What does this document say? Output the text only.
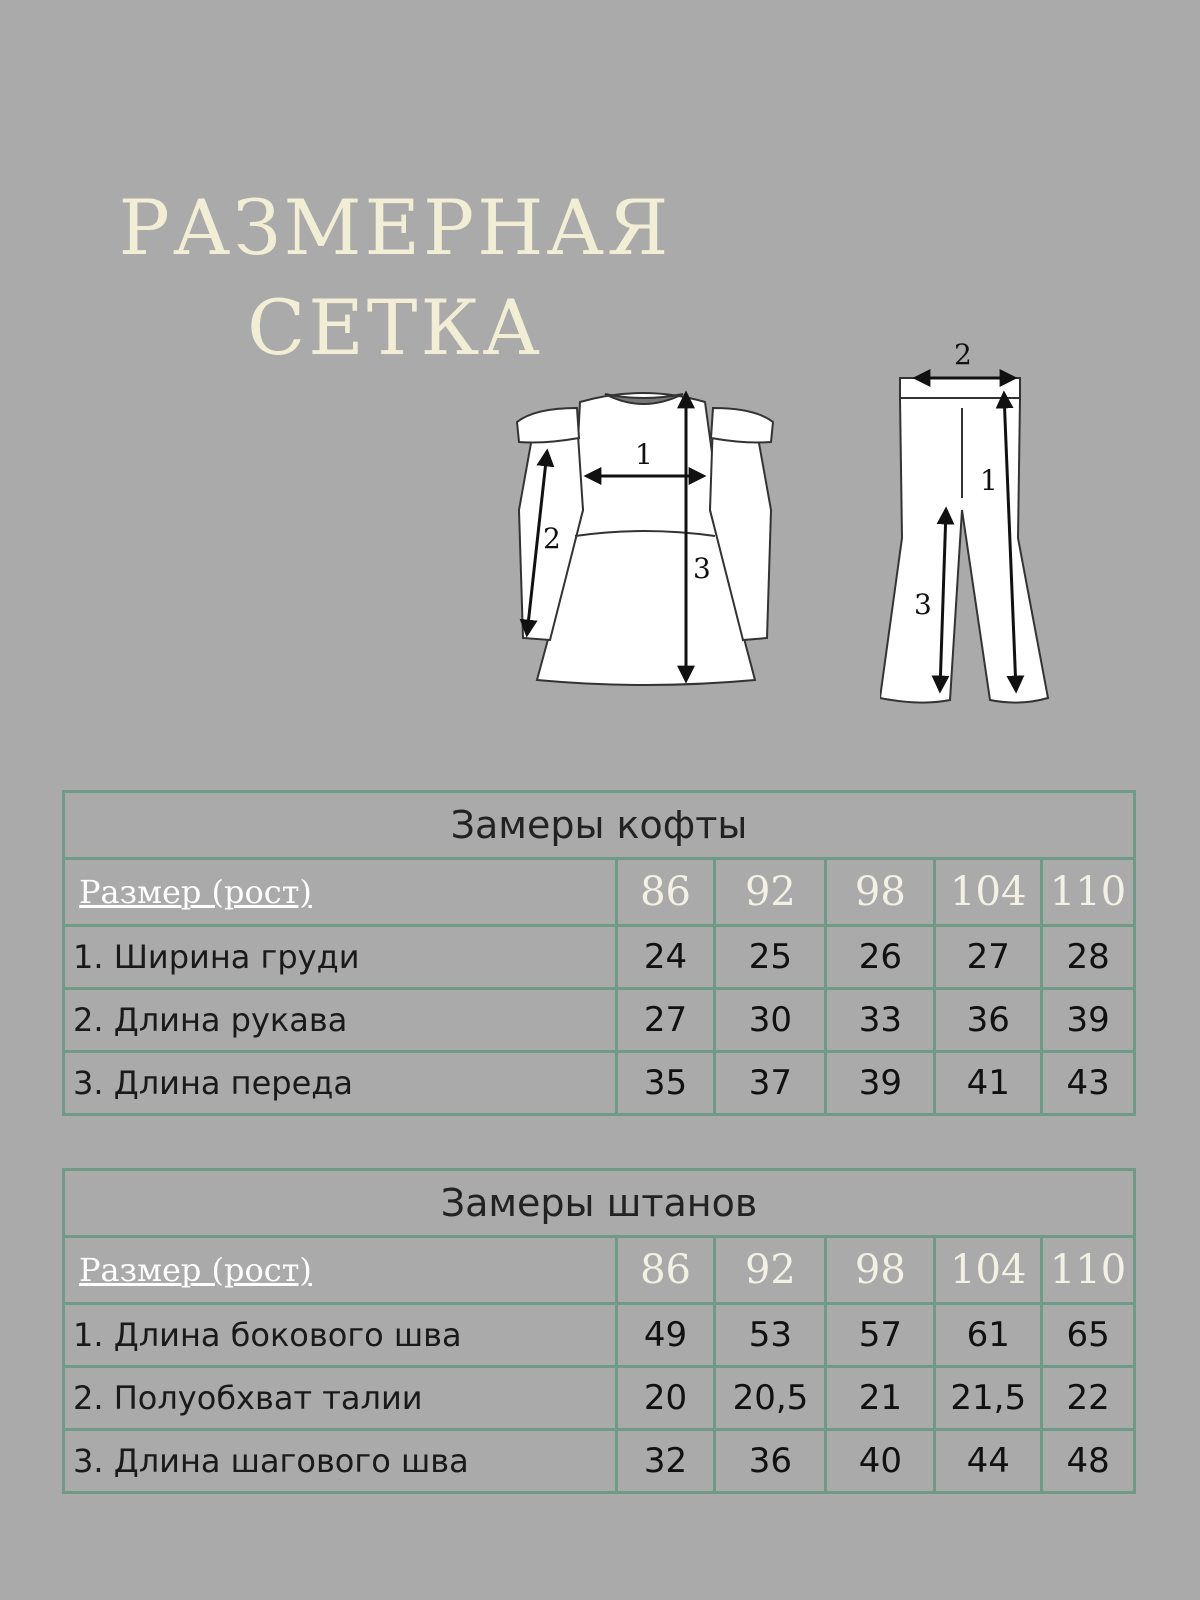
РАЗМЕРНАЯ
СЕТКА
1
2
3
2
1
3
Замеры кофты					
Размер (рост)	86	92	98	104	110
1. Ширина груди	24	25	26	27	28
2. Длина рукава	27	30	33	36	39
3. Длина переда	35	37	39	41	43
Замеры штанов					
Размер (рост)	86	92	98	104	110
1. Длина бокового шва	49	53	57	61	65
2. Полуобхват талии	20	20,5	21	21,5	22
3. Длина шагового шва	32	36	40	44	48
